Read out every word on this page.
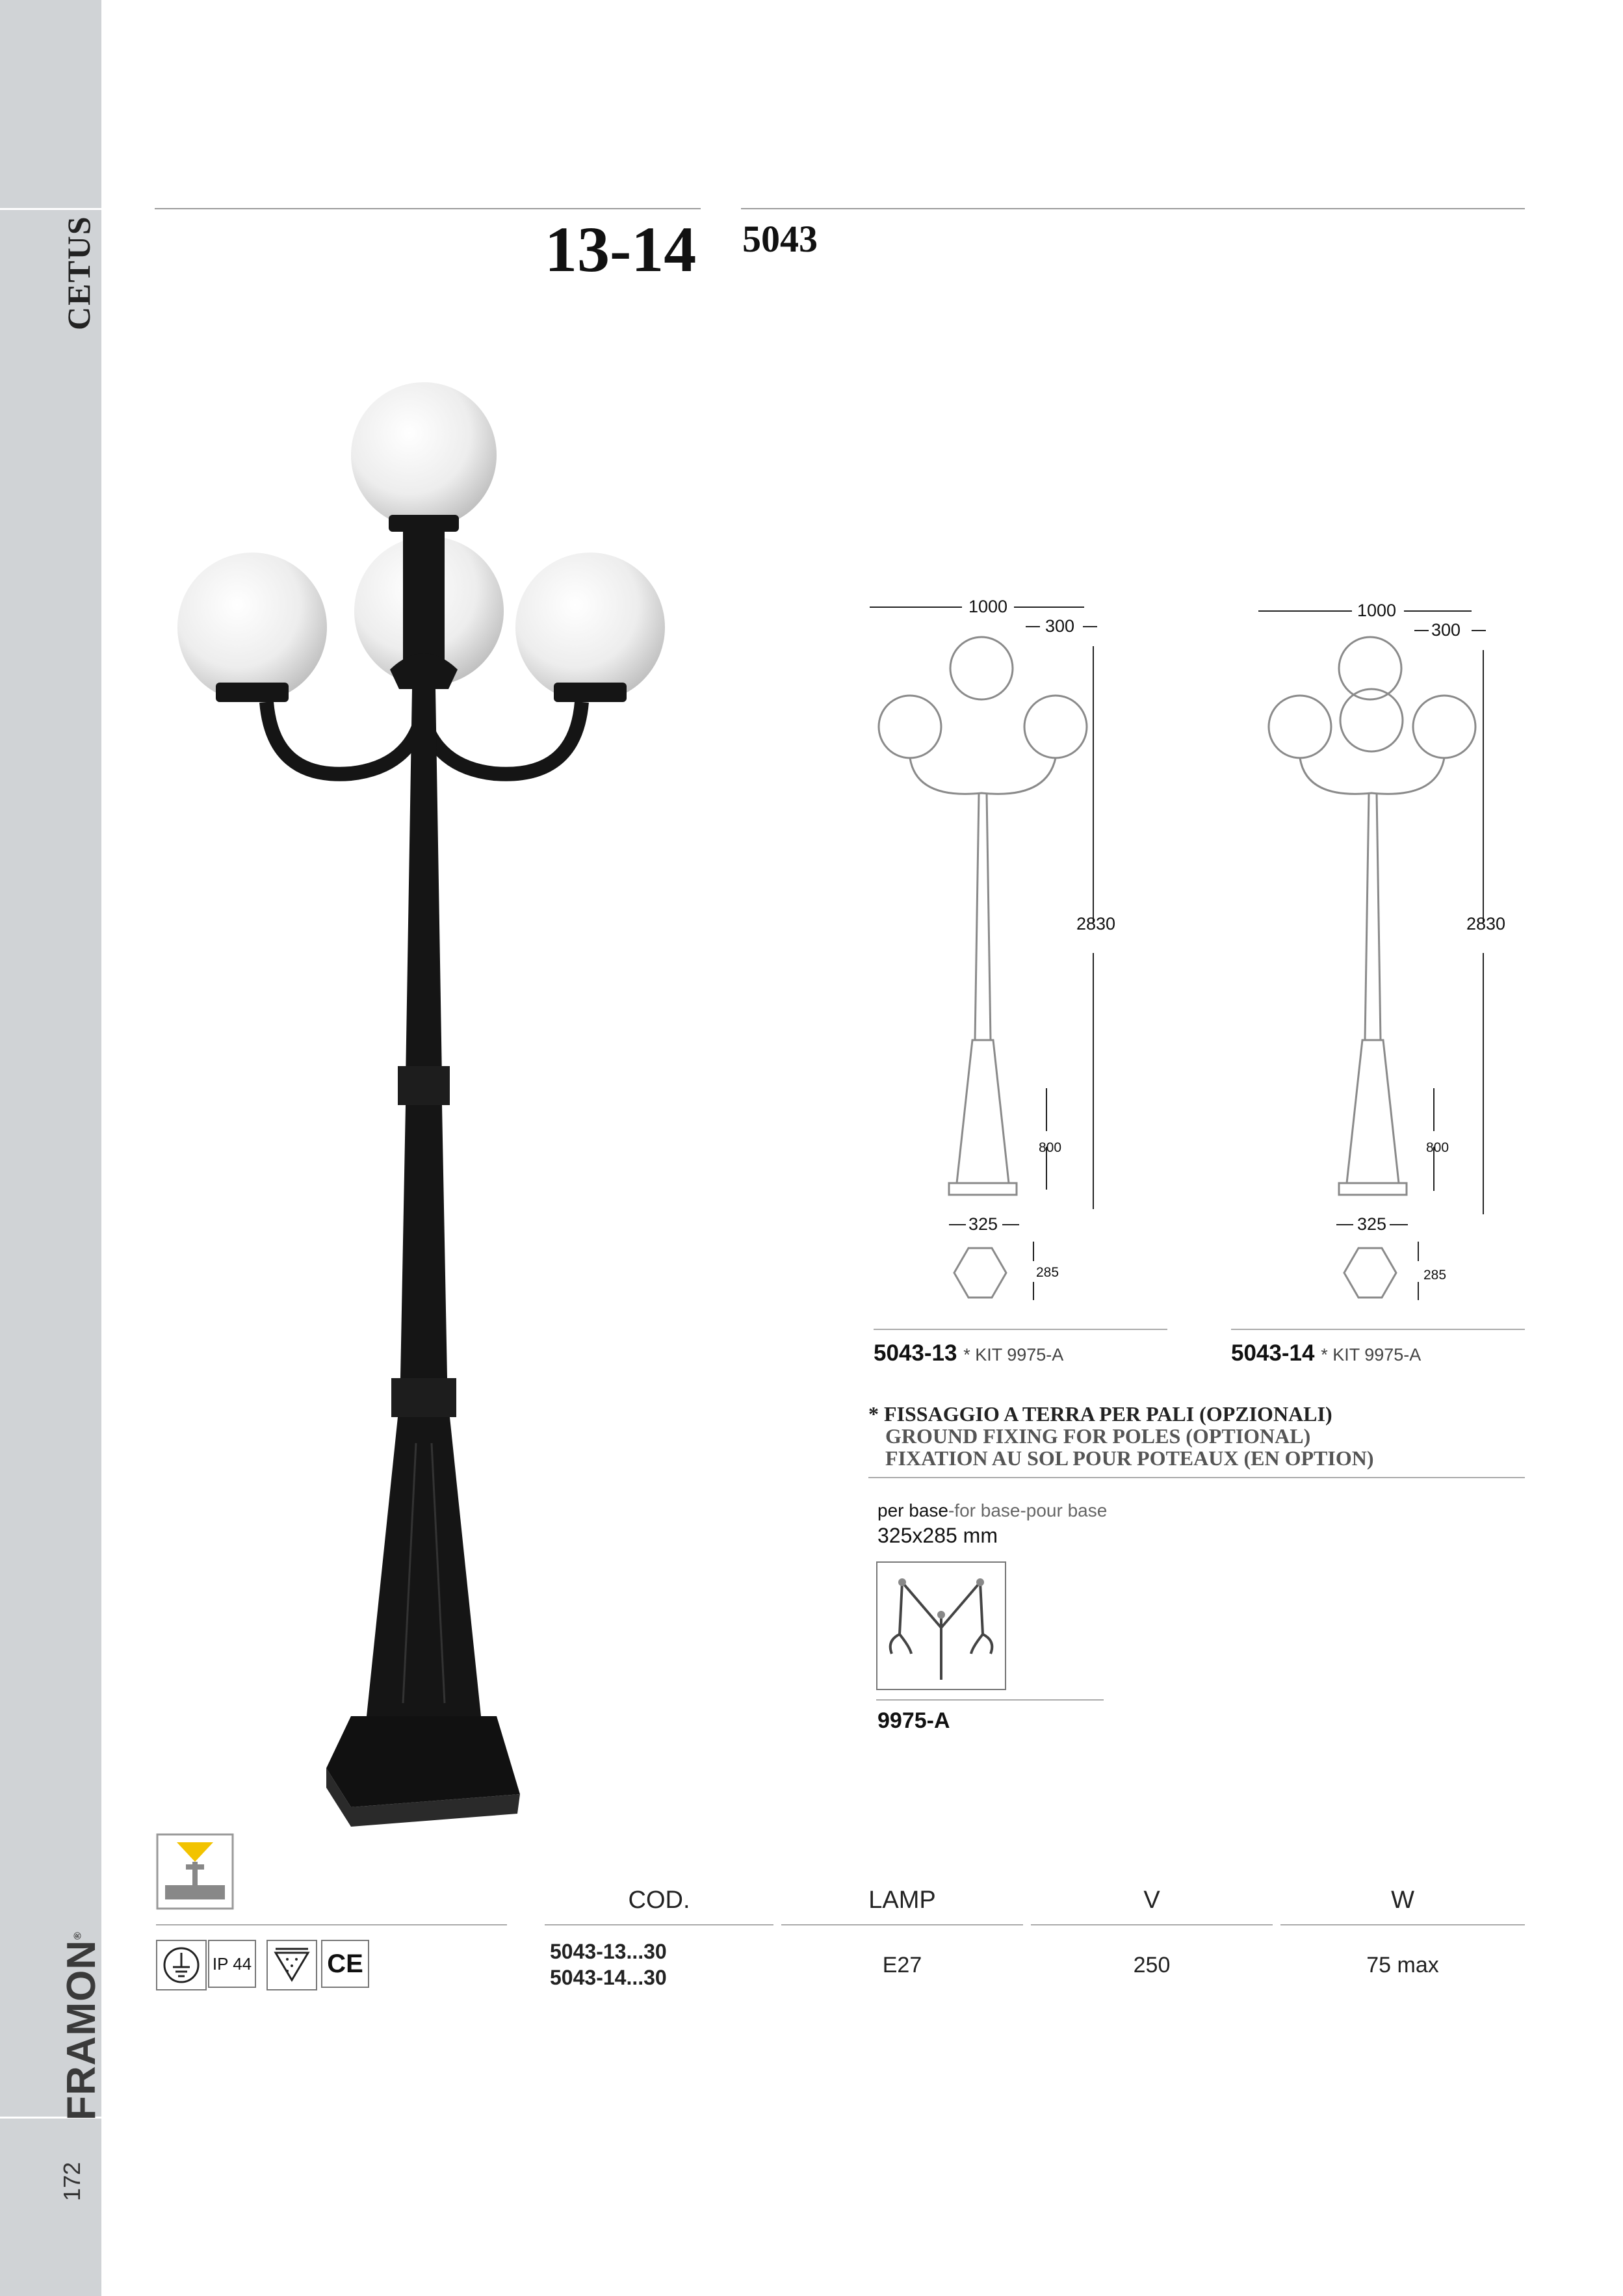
CETUS
FRAMON®
172
13-14 5043
1000
300
2830
800
325
285
1000
300
2830
800
325
285
5043-13 * KIT 9975-A	5043-14 * KIT 9975-A
* FISSAGGIO A TERRA PER PALI (OPZIONALI)
GROUND FIXING FOR POLES (OPTIONAL)
FIXATION AU SOL POUR POTEAUX (EN OPTION)
per base-for base-pour base
325x285 mm
9975-A
IP 44	CE
COD.	LAMP	V	W
5043-13...30
5043-14...30	E27	250	75 max
